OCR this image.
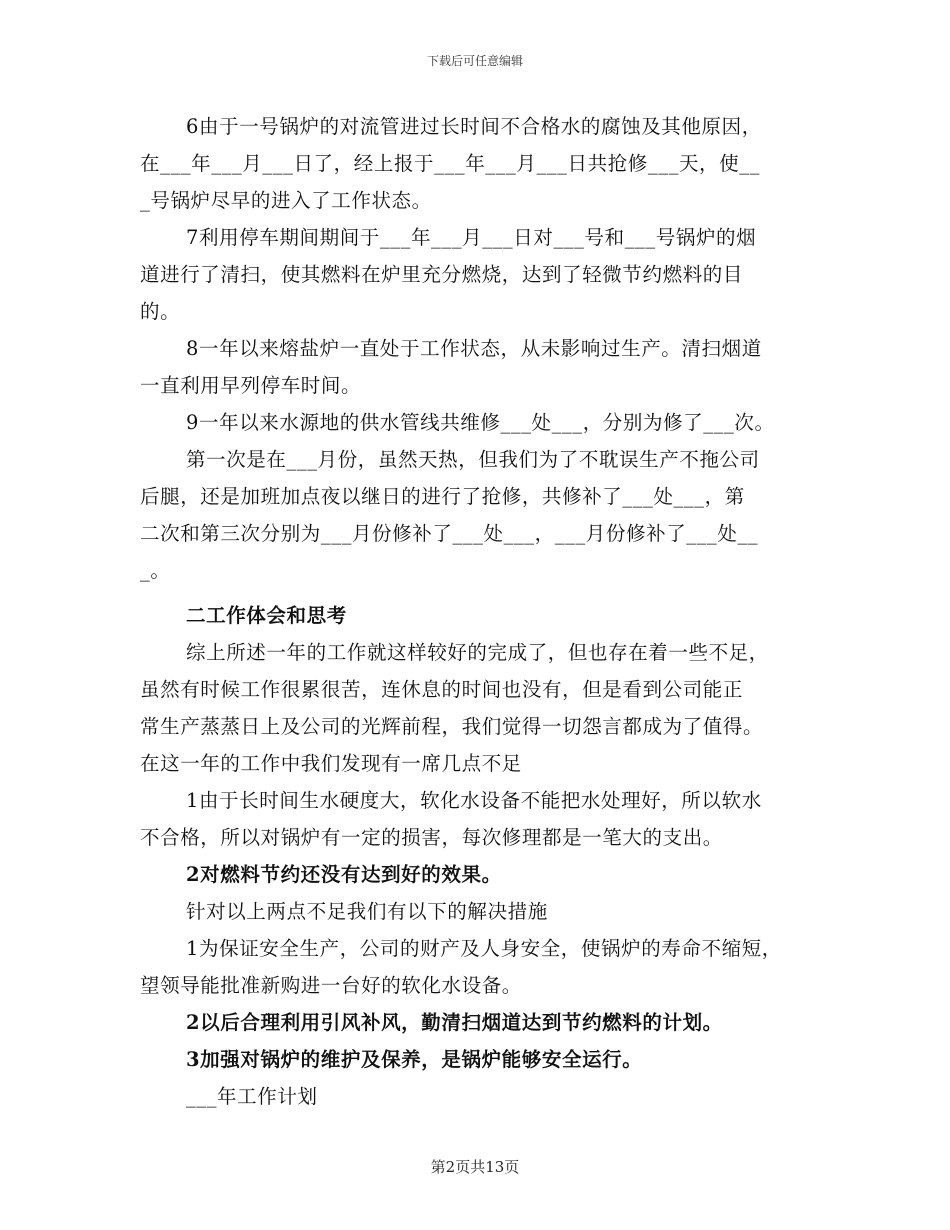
下载后可任意编辑
6由于一号锅炉的对流管进过长时间不合格水的腐蚀及其他原因，
在___年___月___日了，经上报于___年___月___日共抢修___天，使__
_号锅炉尽早的进入了工作状态。
7利用停车期间期间于___年___月___日对___号和___号锅炉的烟
道进行了清扫，使其燃料在炉里充分燃烧，达到了轻微节约燃料的目
的。
8一年以来熔盐炉一直处于工作状态，从未影响过生产。清扫烟道
一直利用早列停车时间。
9一年以来水源地的供水管线共维修___处___，分别为修了___次。
第一次是在___月份，虽然天热，但我们为了不耽误生产不拖公司
后腿，还是加班加点夜以继日的进行了抢修，共修补了___处___，第
二次和第三次分别为___月份修补了___处___，___月份修补了___处__
_。
二工作体会和思考
综上所述一年的工作就这样较好的完成了，但也存在着一些不足，
虽然有时候工作很累很苦，连休息的时间也没有，但是看到公司能正
常生产蒸蒸日上及公司的光辉前程，我们觉得一切怨言都成为了值得。
在这一年的工作中我们发现有一席几点不足
1由于长时间生水硬度大，软化水设备不能把水处理好，所以软水
不合格，所以对锅炉有一定的损害，每次修理都是一笔大的支出。
2对燃料节约还没有达到好的效果。
针对以上两点不足我们有以下的解决措施
1为保证安全生产，公司的财产及人身安全，使锅炉的寿命不缩短，
望领导能批准新购进一台好的软化水设备。
2以后合理利用引风补风，勤清扫烟道达到节约燃料的计划。
3加强对锅炉的维护及保养，是锅炉能够安全运行。
___年工作计划
第2页共13页
